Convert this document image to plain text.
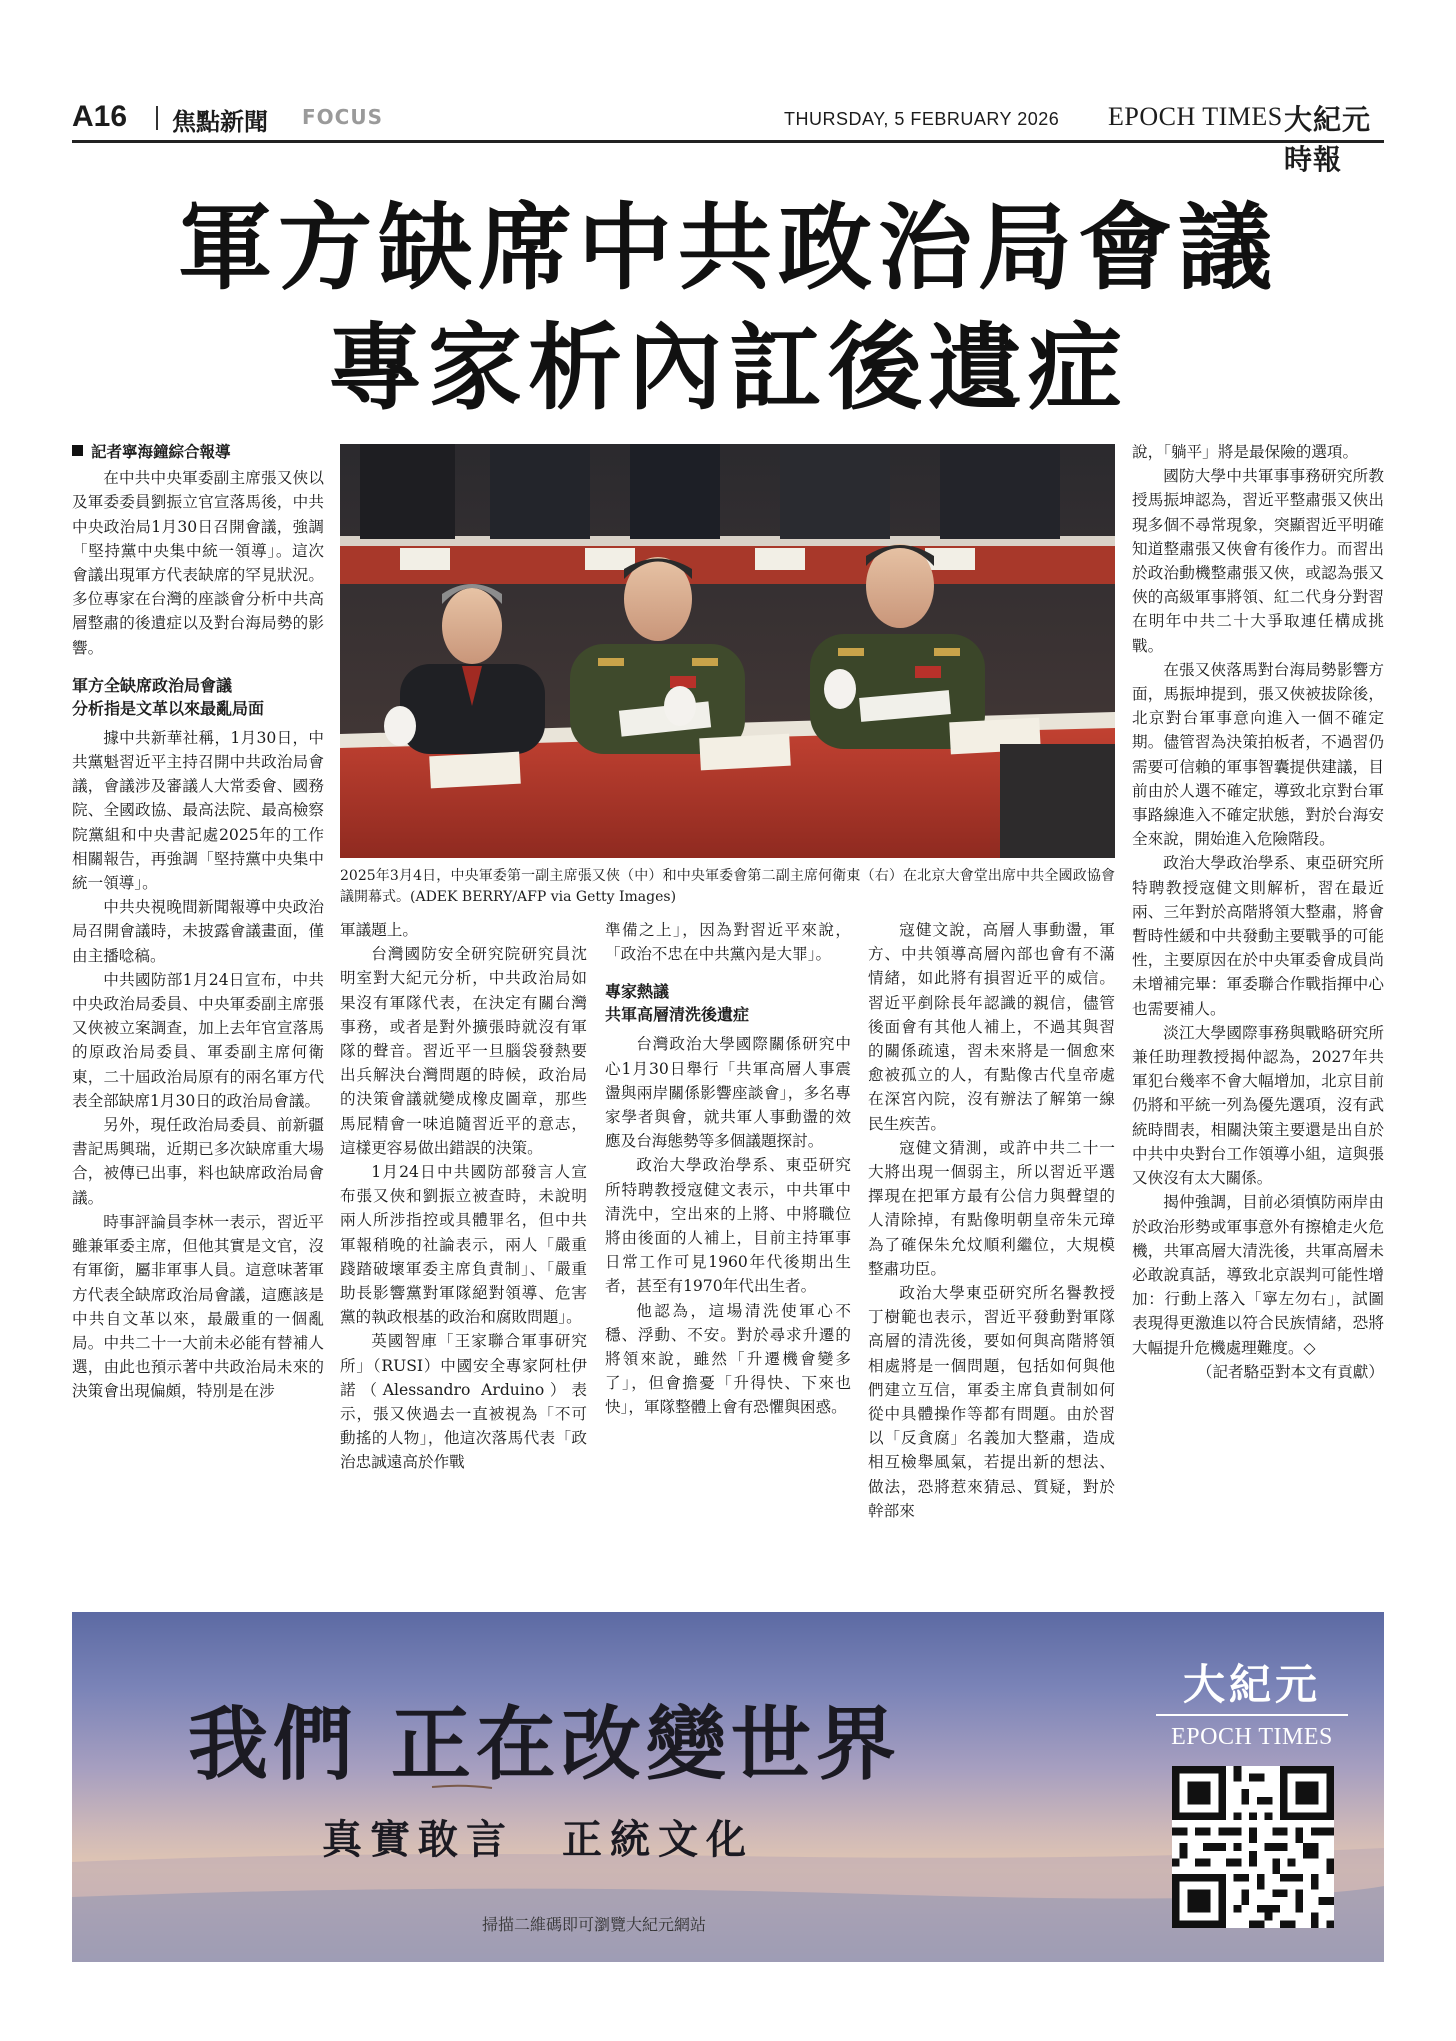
A16 焦點新聞 FOCUS	THURSDAY, 5 FEBRUARY 2026 EPOCH TIMES 大紀元時報
軍方缺席中共政治局會議
專家析內訌後遺症

記者寧海鐘綜合報導

在中共中央軍委副主席張又俠以及軍委委員劉振立官宣落馬後，中共中央政治局1月30日召開會議，強調「堅持黨中央集中統一領導」。這次會議出現軍方代表缺席的罕見狀況。多位專家在台灣的座談會分析中共高層整肅的後遺症以及對台海局勢的影響。

軍方全缺席政治局會議
分析指是文革以來最亂局面

據中共新華社稱，1月30日，中共黨魁習近平主持召開中共政治局會議，會議涉及審議人大常委會、國務院、全國政協、最高法院、最高檢察院黨組和中央書記處2025年的工作相關報告，再強調「堅持黨中央集中統一領導」。

中共央視晚間新聞報導中央政治局召開會議時，未披露會議畫面，僅由主播唸稿。

中共國防部1月24日宣布，中共中央政治局委員、中央軍委副主席張又俠被立案調查，加上去年官宣落馬的原政治局委員、軍委副主席何衛東，二十屆政治局原有的兩名軍方代表全部缺席1月30日的政治局會議。

另外，現任政治局委員、前新疆書記馬興瑞，近期已多次缺席重大場合，被傳已出事，料也缺席政治局會議。

時事評論員李林一表示，習近平雖兼軍委主席，但他其實是文官，沒有軍銜，屬非軍事人員。這意味著軍方代表全缺席政治局會議，這應該是中共自文革以來，最嚴重的一個亂局。中共二十一大前未必能有替補人選，由此也預示著中共政治局未來的決策會出現偏頗，特別是在涉

2025年3月4日，中央軍委第一副主席張又俠（中）和中央軍委會第二副主席何衛東（右）在北京大會堂出席中共全國政協會議開幕式。(ADEK BERRY/AFP via Getty Images)

軍議題上。

台灣國防安全研究院研究員沈明室對大紀元分析，中共政治局如果沒有軍隊代表，在決定有關台灣事務，或者是對外擴張時就沒有軍隊的聲音。習近平一旦腦袋發熱要出兵解決台灣問題的時候，政治局的決策會議就變成橡皮圖章，那些馬屁精會一味追隨習近平的意志，這樣更容易做出錯誤的決策。

1月24日中共國防部發言人宣布張又俠和劉振立被查時，未說明兩人所涉指控或具體罪名，但中共軍報稍晚的社論表示，兩人「嚴重踐踏破壞軍委主席負責制」、「嚴重助長影響黨對軍隊絕對領導、危害黨的執政根基的政治和腐敗問題」。

英國智庫「王家聯合軍事研究所」（RUSI）中國安全專家阿杜伊諾（Alessandro Arduino）表示，張又俠過去一直被視為「不可動搖的人物」，他這次落馬代表「政治忠誠遠高於作戰

準備之上」，因為對習近平來說，「政治不忠在中共黨內是大罪」。

專家熱議
共軍高層清洗後遺症

台灣政治大學國際關係研究中心1月30日舉行「共軍高層人事震盪與兩岸關係影響座談會」，多名專家學者與會，就共軍人事動盪的效應及台海態勢等多個議題探討。

政治大學政治學系、東亞研究所特聘教授寇健文表示，中共軍中清洗中，空出來的上將、中將職位將由後面的人補上，目前主持軍事日常工作可見1960年代後期出生者，甚至有1970年代出生者。

他認為，這場清洗使軍心不穩、浮動、不安。對於尋求升遷的將領來說，雖然「升遷機會變多了」，但會擔憂「升得快、下來也快」，軍隊整體上會有恐懼與困惑。

寇健文說，高層人事動盪，軍方、中共領導高層內部也會有不滿情緒，如此將有損習近平的威信。習近平剷除長年認識的親信，儘管後面會有其他人補上，不過其與習的關係疏遠，習未來將是一個愈來愈被孤立的人，有點像古代皇帝處在深宮內院，沒有辦法了解第一線民生疾苦。

寇健文猜測，或許中共二十一大將出現一個弱主，所以習近平選擇現在把軍方最有公信力與聲望的人清除掉，有點像明朝皇帝朱元璋為了確保朱允炆順利繼位，大規模整肅功臣。

政治大學東亞研究所名譽教授丁樹範也表示，習近平發動對軍隊高層的清洗後，要如何與高階將領相處將是一個問題，包括如何與他們建立互信，軍委主席負責制如何從中具體操作等都有問題。由於習以「反貪腐」名義加大整肅，造成相互檢舉風氣，若提出新的想法、做法，恐將惹來猜忌、質疑，對於幹部來

說，「躺平」將是最保險的選項。

國防大學中共軍事事務研究所教授馬振坤認為，習近平整肅張又俠出現多個不尋常現象，突顯習近平明確知道整肅張又俠會有後作力。而習出於政治動機整肅張又俠，或認為張又俠的高級軍事將領、紅二代身分對習在明年中共二十大爭取連任構成挑戰。

在張又俠落馬對台海局勢影響方面，馬振坤提到，張又俠被拔除後，北京對台軍事意向進入一個不確定期。儘管習為決策拍板者，不過習仍需要可信賴的軍事智囊提供建議，目前由於人選不確定，導致北京對台軍事路線進入不確定狀態，對於台海安全來說，開始進入危險階段。

政治大學政治學系、東亞研究所特聘教授寇健文則解析，習在最近兩、三年對於高階將領大整肅，將會暫時性緩和中共發動主要戰爭的可能性，主要原因在於中央軍委會成員尚未增補完畢：軍委聯合作戰指揮中心也需要補人。

淡江大學國際事務與戰略研究所兼任助理教授揭仲認為，2027年共軍犯台幾率不會大幅增加，北京目前仍將和平統一列為優先選項，沒有武統時間表，相關決策主要還是出自於中共中央對台工作領導小組，這與張又俠沒有太大關係。

揭仲強調，目前必須慎防兩岸由於政治形勢或軍事意外有擦槍走火危機，共軍高層大清洗後，共軍高層未必敢說真話，導致北京誤判可能性增加：行動上落入「寧左勿右」，試圖表現得更激進以符合民族情緒，恐將大幅提升危機處理難度。◇

（記者駱亞對本文有貢獻）

我們 正在改變世界
真實敢言　正統文化
掃描二維碼即可瀏覽大紀元網站
大紀元
EPOCH TIMES
